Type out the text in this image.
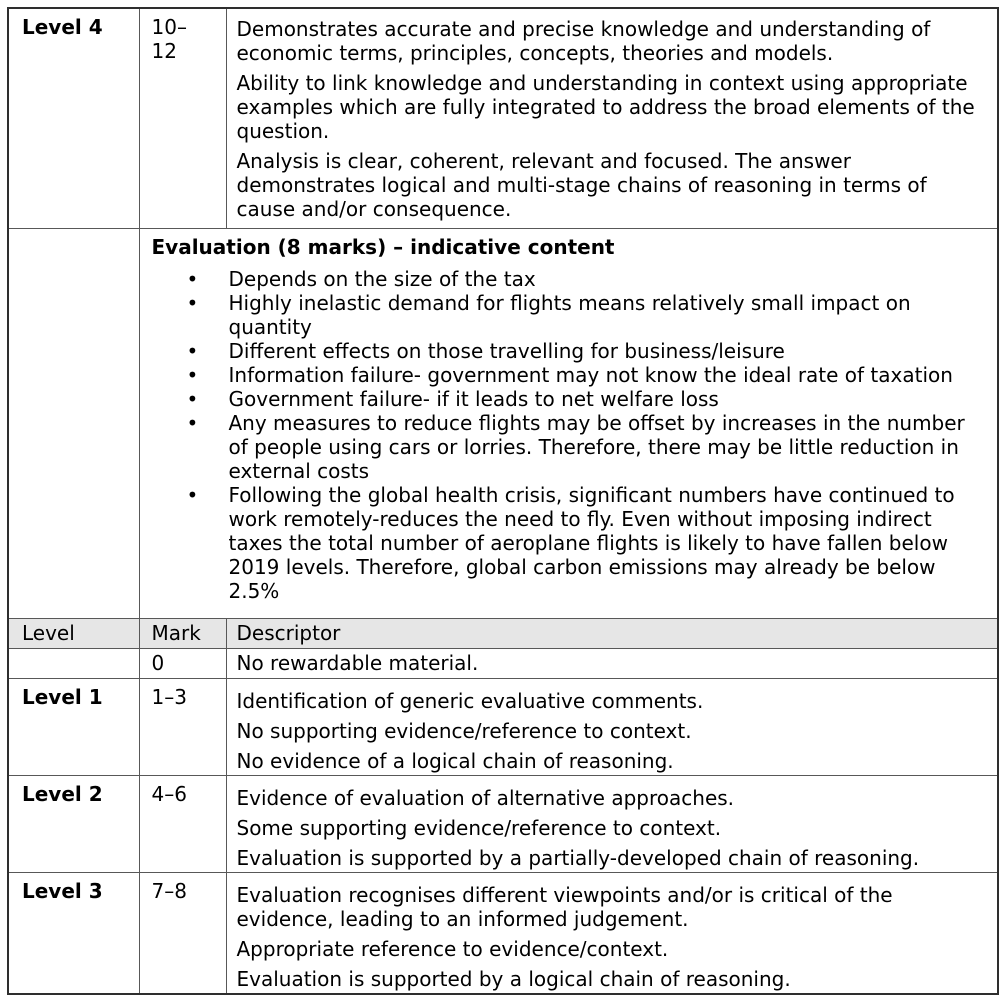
Level 4	10–12	Demonstrates accurate and precise knowledge and understanding of economic terms, principles, concepts, theories and models.

Ability to link knowledge and understanding in context using appropriate examples which are fully integrated to address the broad elements of the question.

Analysis is clear, coherent, relevant and focused. The answer demonstrates logical and multi-stage chains of reasoning in terms of cause and/or consequence.

Evaluation (8 marks) – indicative content

• Depends on the size of the tax
• Highly inelastic demand for flights means relatively small impact on quantity
• Different effects on those travelling for business/leisure
• Information failure- government may not know the ideal rate of taxation
• Government failure- if it leads to net welfare loss
• Any measures to reduce flights may be offset by increases in the number of people using cars or lorries. Therefore, there may be little reduction in external costs
• Following the global health crisis, significant numbers have continued to work remotely-reduces the need to fly. Even without imposing indirect taxes the total number of aeroplane flights is likely to have fallen below 2019 levels. Therefore, global carbon emissions may already be below 2.5%

Level	Mark	Descriptor
	0	No rewardable material.
Level 1	1–3	Identification of generic evaluative comments.

No supporting evidence/reference to context.

No evidence of a logical chain of reasoning.

Level 2	4–6	Evidence of evaluation of alternative approaches.

Some supporting evidence/reference to context.

Evaluation is supported by a partially-developed chain of reasoning.

Level 3	7–8	Evaluation recognises different viewpoints and/or is critical of the evidence, leading to an informed judgement.

Appropriate reference to evidence/context.

Evaluation is supported by a logical chain of reasoning.
